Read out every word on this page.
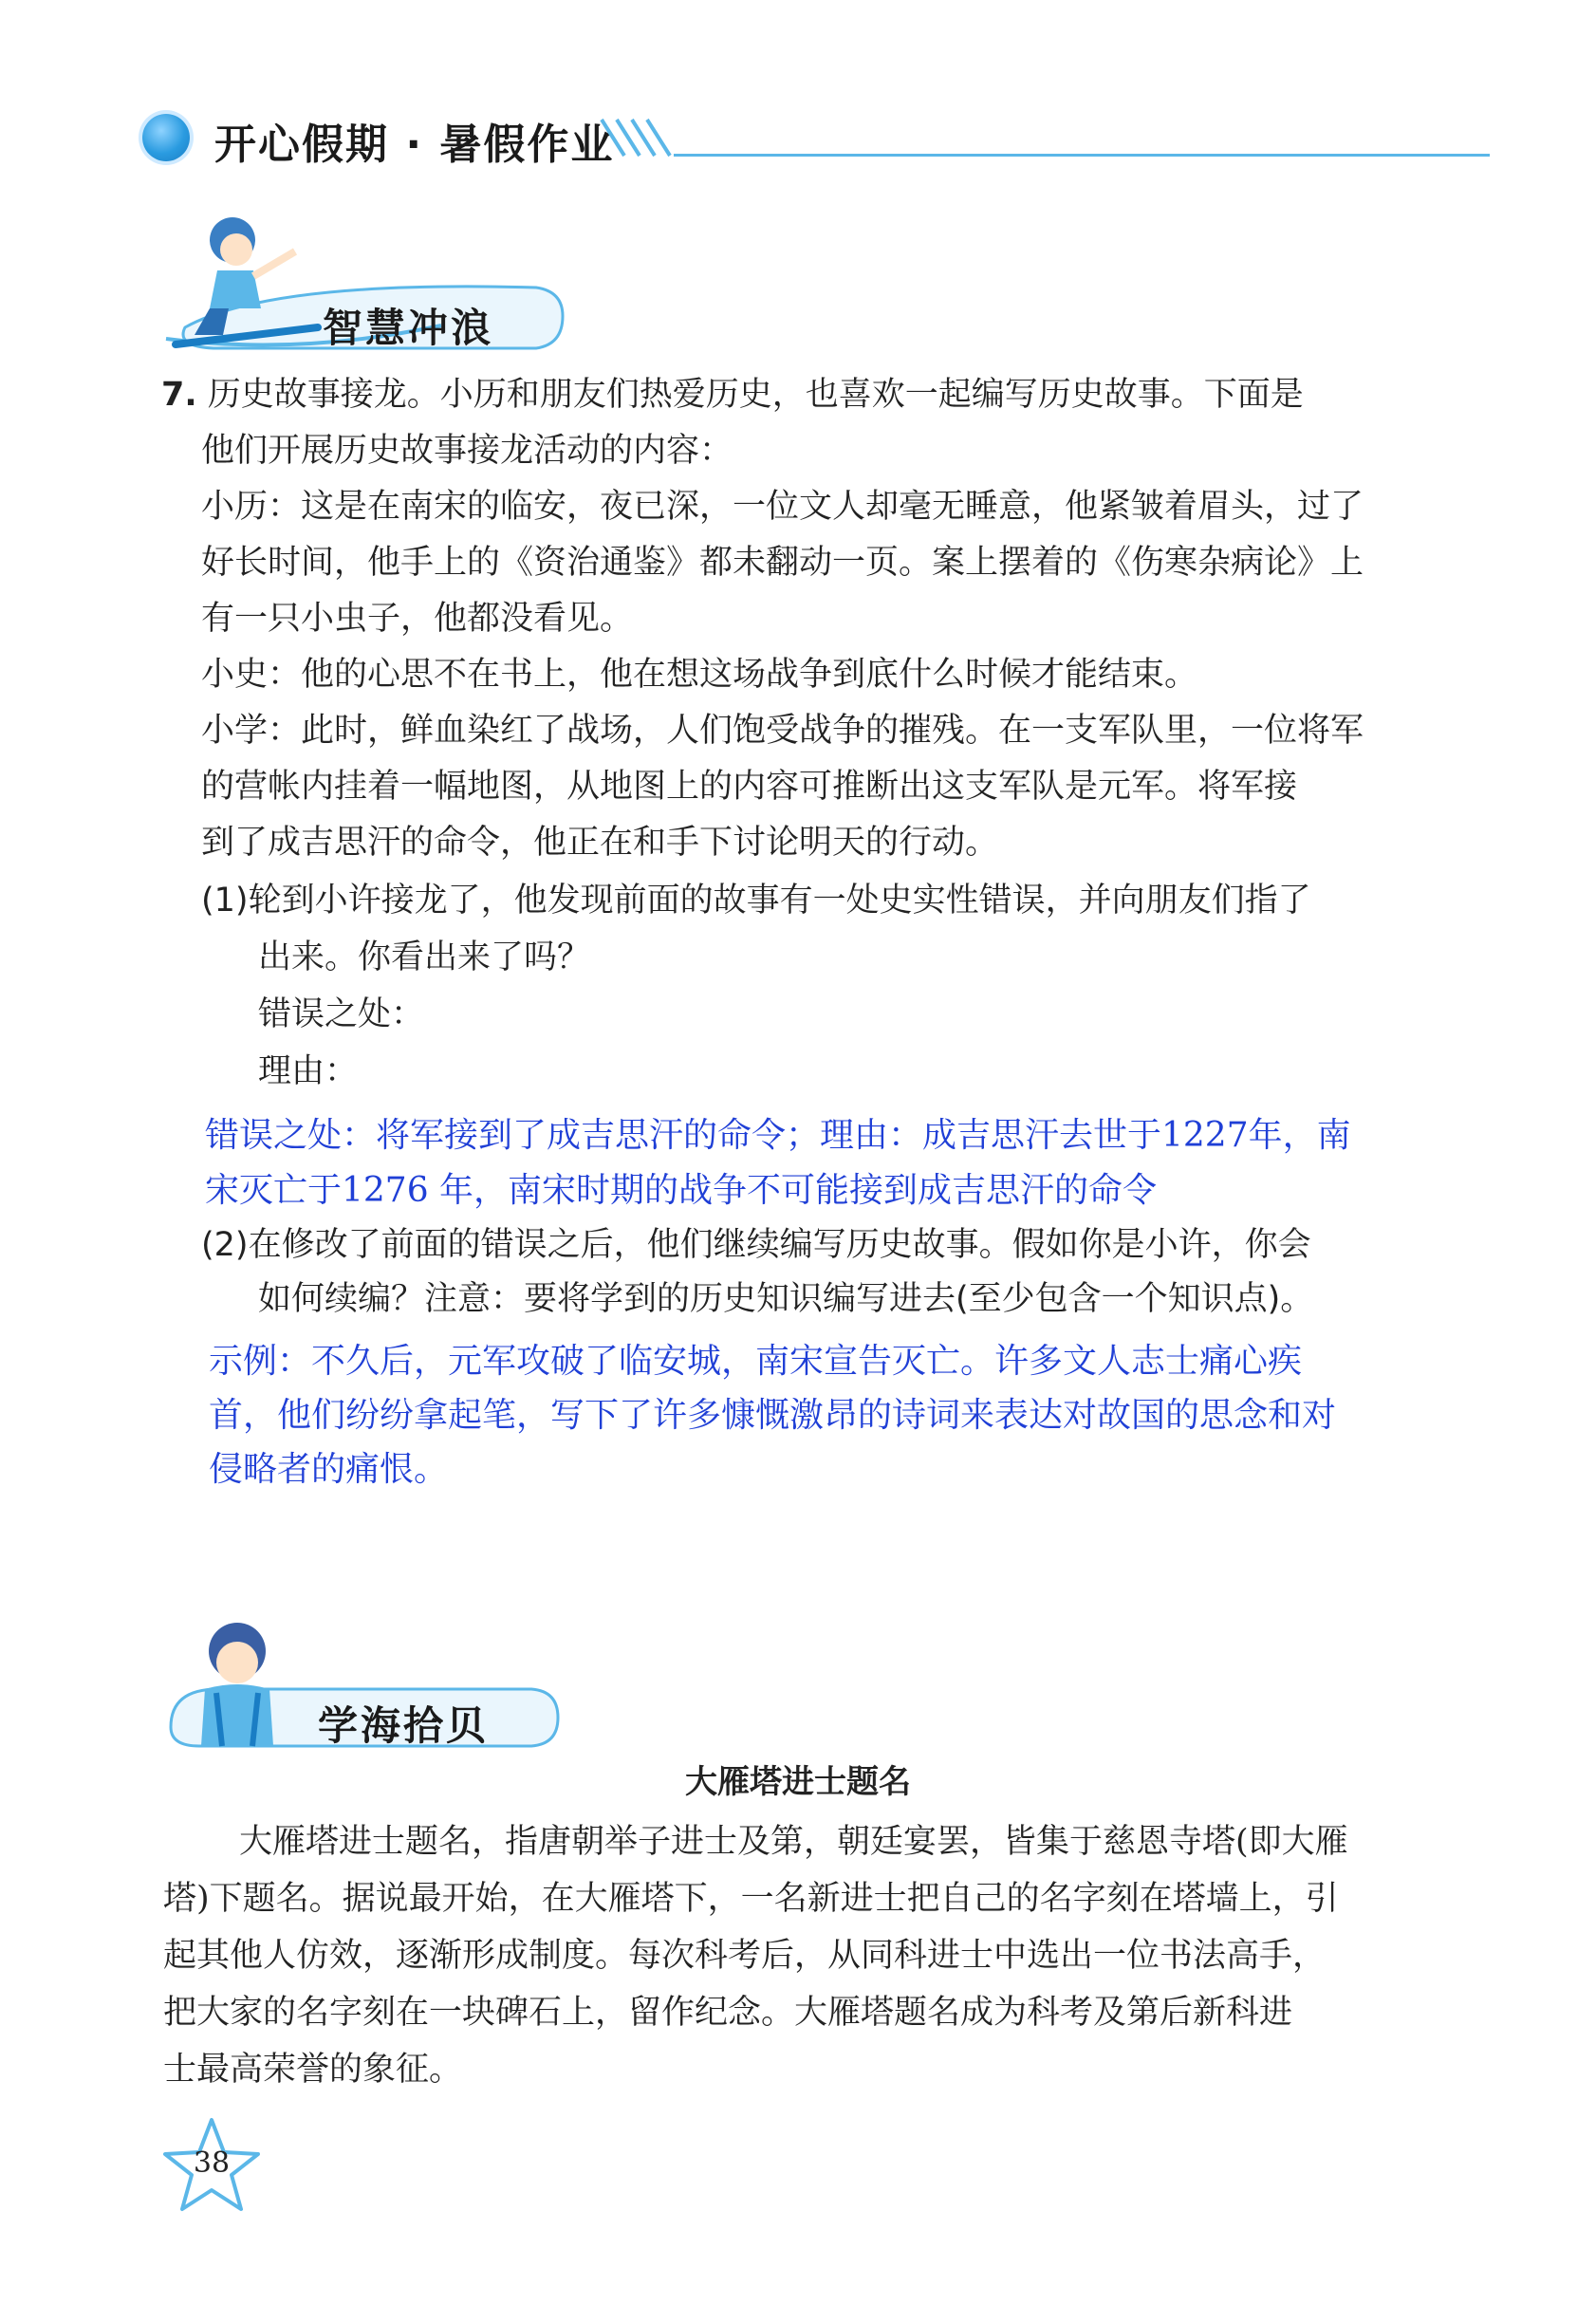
开心假期 · 暑假作业
智慧冲浪
7. 历史故事接龙。小历和朋友们热爱历史，也喜欢一起编写历史故事。下面是
他们开展历史故事接龙活动的内容：
小历：这是在南宋的临安，夜已深，一位文人却毫无睡意，他紧皱着眉头，过了
好长时间，他手上的《资治通鉴》都未翻动一页。案上摆着的《伤寒杂病论》上
有一只小虫子，他都没看见。
小史：他的心思不在书上，他在想这场战争到底什么时候才能结束。
小学：此时，鲜血染红了战场，人们饱受战争的摧残。在一支军队里，一位将军
的营帐内挂着一幅地图，从地图上的内容可推断出这支军队是元军。将军接
到了成吉思汗的命令，他正在和手下讨论明天的行动。
(1)轮到小许接龙了，他发现前面的故事有一处史实性错误，并向朋友们指了
出来。你看出来了吗？
错误之处：
理由：
错误之处：将军接到了成吉思汗的命令；理由：成吉思汗去世于1227年，南
宋灭亡于1276 年，南宋时期的战争不可能接到成吉思汗的命令
(2)在修改了前面的错误之后，他们继续编写历史故事。假如你是小许，你会
如何续编？注意：要将学到的历史知识编写进去(至少包含一个知识点)。
示例：不久后，元军攻破了临安城，南宋宣告灭亡。许多文人志士痛心疾
首，他们纷纷拿起笔，写下了许多慷慨激昂的诗词来表达对故国的思念和对
侵略者的痛恨。
学海拾贝
大雁塔进士题名
大雁塔进士题名，指唐朝举子进士及第，朝廷宴罢，皆集于慈恩寺塔(即大雁
塔)下题名。据说最开始，在大雁塔下，一名新进士把自己的名字刻在塔墙上，引
起其他人仿效，逐渐形成制度。每次科考后，从同科进士中选出一位书法高手，
把大家的名字刻在一块碑石上，留作纪念。大雁塔题名成为科考及第后新科进
士最高荣誉的象征。
38
